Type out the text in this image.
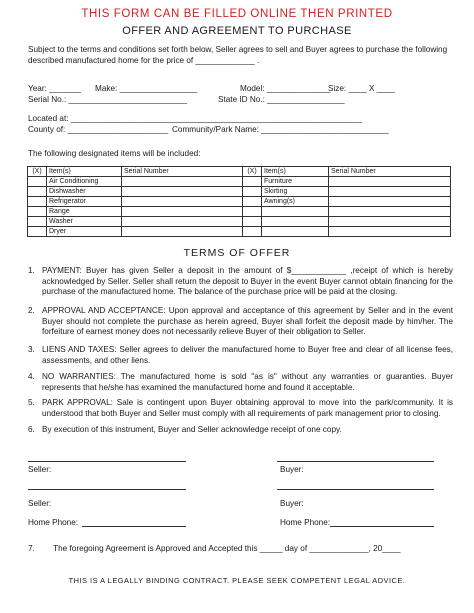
THIS FORM CAN BE FILLED ONLINE THEN PRINTED
OFFER AND AGREEMENT TO PURCHASE
Subject to the terms and conditions set forth below, Seller agrees to sell and Buyer agrees to purchase the following described manufactured home for the price of _____________ .
Year: _______ Make: _________________	Model: ______________
Size: ____ X ____
Serial No.: __________________________	State ID No.: _________________
Located at: ________________________________________________________________
County of: ______________________ Community/Park Name: ____________________________
The following designated items will be included:
(X)	Item(s)	Serial Number	(X)	Item(s)	Serial Number
	Air Conditioning			Furniture	
	Dishwasher			Skirting	
	Refrigerator			Awning(s)	
	Range				
	Washer				
	Dryer				
TERMS OF OFFER
1. PAYMENT: Buyer has given Seller a deposit in the amount of $____________ ,receipt of which is hereby acknowledged by Seller. Seller shall return the deposit to Buyer in the event Buyer cannot obtain financing for the purchase of the manufactured home. The balance of the purchase price will be paid at the closing.
2. APPROVAL AND ACCEPTANCE: Upon approval and acceptance of this agreement by Seller and in the event Buyer should not complete the purchase as herein agreed, Buyer shall forfeit the deposit made by him/her. The forfeiture of earnest money does not necessarily relieve Buyer of their obligation to Seller.
3. LIENS AND TAXES: Seller agrees to deliver the manufactured home to Buyer free and clear of all license fees, assessments, and other liens.
4. NO WARRANTIES: The manufactured home is sold "as is" without any warranties or guaranties. Buyer represents that he/she has examined the manufactured home and found it acceptable.
5. PARK APPROVAL: Sale is contingent upon Buyer obtaining approval to move into the park/community. It is understood that both Buyer and Seller must comply with all requirements of park management prior to closing.
6. By execution of this instrument, Buyer and Seller acknowledge receipt of one copy.
Seller:	Buyer:
Seller:	Buyer:
Home Phone:	Home Phone:
7. The foregoing Agreement is Approved and Accepted this _____ day of _____________, 20____
THIS IS A LEGALLY BINDING CONTRACT. PLEASE SEEK COMPETENT LEGAL ADVICE.
